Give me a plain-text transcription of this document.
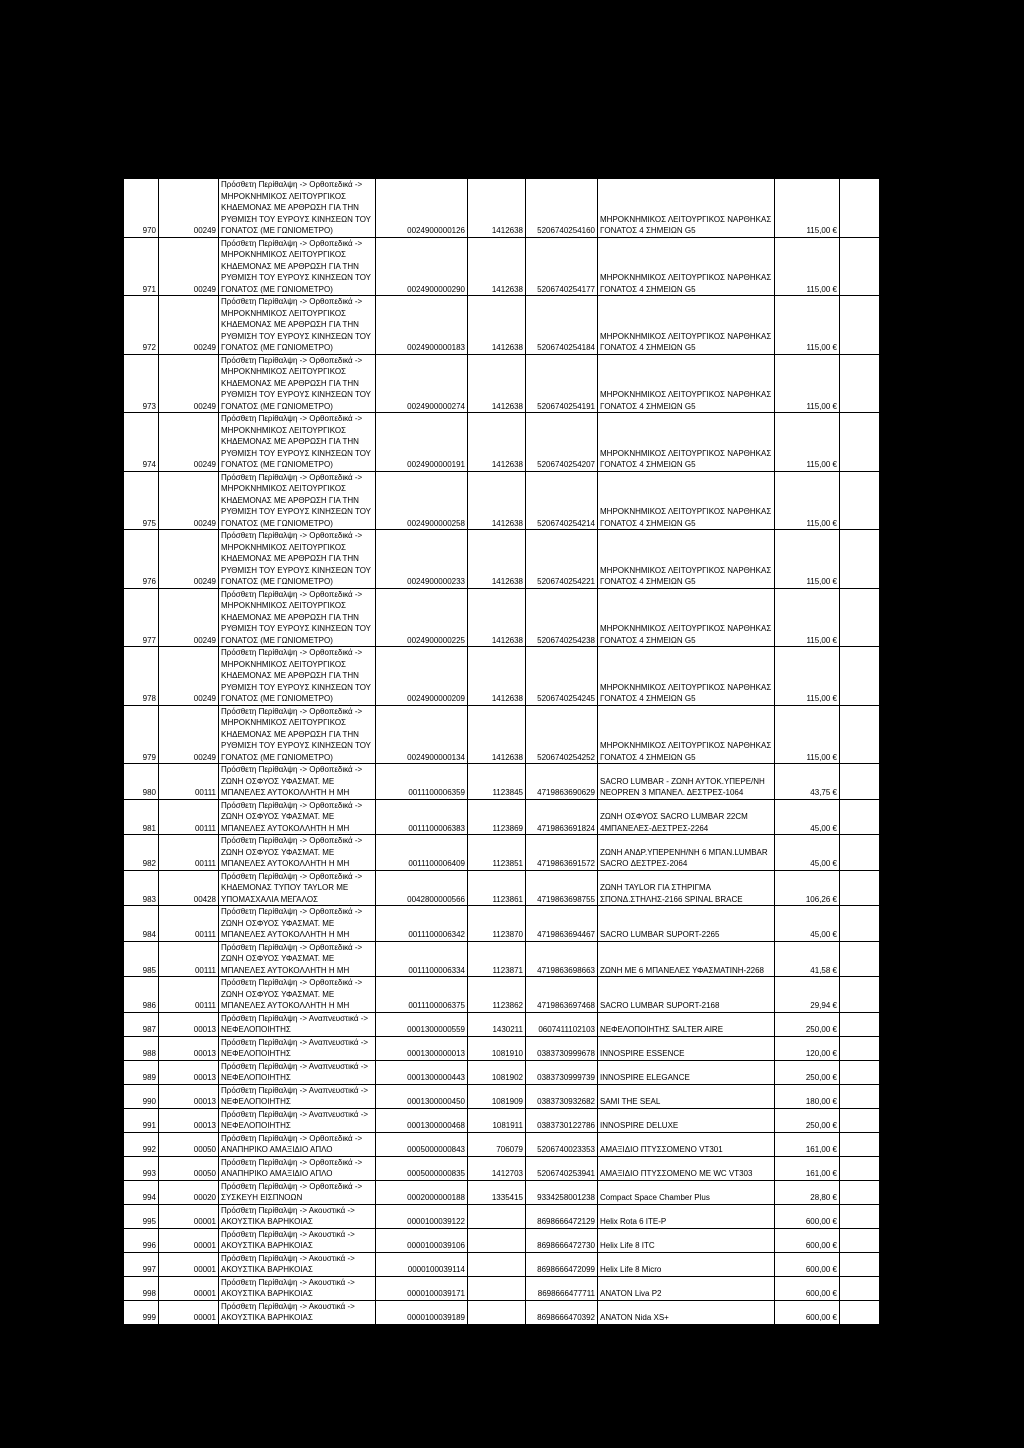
970	00249	Πρόσθετη Περίθαλψη -> Ορθοπεδικά -> ΜΗΡΟΚΝΗΜΙΚΟΣ ΛΕΙΤΟΥΡΓΙΚΟΣ ΚΗΔΕΜΟΝΑΣ ΜΕ ΑΡΘΡΩΣΗ ΓΙΑ ΤΗΝ ΡΥΘΜΙΣΗ ΤΟΥ ΕΥΡΟΥΣ ΚΙΝΗΣΕΩΝ ΤΟΥ ΓΟΝΑΤΟΣ (ΜΕ ΓΩΝΙΟΜΕΤΡΟ)	0024900000126	1412638	5206740254160	ΜΗΡΟΚΝΗΜΙΚΟΣ ΛΕΙΤΟΥΡΓΙΚΟΣ ΝΑΡΘΗΚΑΣ ΓΟΝΑΤΟΣ 4 ΣΗΜΕΙΩΝ G5	115,00 €	
971	00249	Πρόσθετη Περίθαλψη -> Ορθοπεδικά -> ΜΗΡΟΚΝΗΜΙΚΟΣ ΛΕΙΤΟΥΡΓΙΚΟΣ ΚΗΔΕΜΟΝΑΣ ΜΕ ΑΡΘΡΩΣΗ ΓΙΑ ΤΗΝ ΡΥΘΜΙΣΗ ΤΟΥ ΕΥΡΟΥΣ ΚΙΝΗΣΕΩΝ ΤΟΥ ΓΟΝΑΤΟΣ (ΜΕ ΓΩΝΙΟΜΕΤΡΟ)	0024900000290	1412638	5206740254177	ΜΗΡΟΚΝΗΜΙΚΟΣ ΛΕΙΤΟΥΡΓΙΚΟΣ ΝΑΡΘΗΚΑΣ ΓΟΝΑΤΟΣ 4 ΣΗΜΕΙΩΝ G5	115,00 €	
972	00249	Πρόσθετη Περίθαλψη -> Ορθοπεδικά -> ΜΗΡΟΚΝΗΜΙΚΟΣ ΛΕΙΤΟΥΡΓΙΚΟΣ ΚΗΔΕΜΟΝΑΣ ΜΕ ΑΡΘΡΩΣΗ ΓΙΑ ΤΗΝ ΡΥΘΜΙΣΗ ΤΟΥ ΕΥΡΟΥΣ ΚΙΝΗΣΕΩΝ ΤΟΥ ΓΟΝΑΤΟΣ (ΜΕ ΓΩΝΙΟΜΕΤΡΟ)	0024900000183	1412638	5206740254184	ΜΗΡΟΚΝΗΜΙΚΟΣ ΛΕΙΤΟΥΡΓΙΚΟΣ ΝΑΡΘΗΚΑΣ ΓΟΝΑΤΟΣ 4 ΣΗΜΕΙΩΝ G5	115,00 €	
973	00249	Πρόσθετη Περίθαλψη -> Ορθοπεδικά -> ΜΗΡΟΚΝΗΜΙΚΟΣ ΛΕΙΤΟΥΡΓΙΚΟΣ ΚΗΔΕΜΟΝΑΣ ΜΕ ΑΡΘΡΩΣΗ ΓΙΑ ΤΗΝ ΡΥΘΜΙΣΗ ΤΟΥ ΕΥΡΟΥΣ ΚΙΝΗΣΕΩΝ ΤΟΥ ΓΟΝΑΤΟΣ (ΜΕ ΓΩΝΙΟΜΕΤΡΟ)	0024900000274	1412638	5206740254191	ΜΗΡΟΚΝΗΜΙΚΟΣ ΛΕΙΤΟΥΡΓΙΚΟΣ ΝΑΡΘΗΚΑΣ ΓΟΝΑΤΟΣ 4 ΣΗΜΕΙΩΝ G5	115,00 €	
974	00249	Πρόσθετη Περίθαλψη -> Ορθοπεδικά -> ΜΗΡΟΚΝΗΜΙΚΟΣ ΛΕΙΤΟΥΡΓΙΚΟΣ ΚΗΔΕΜΟΝΑΣ ΜΕ ΑΡΘΡΩΣΗ ΓΙΑ ΤΗΝ ΡΥΘΜΙΣΗ ΤΟΥ ΕΥΡΟΥΣ ΚΙΝΗΣΕΩΝ ΤΟΥ ΓΟΝΑΤΟΣ (ΜΕ ΓΩΝΙΟΜΕΤΡΟ)	0024900000191	1412638	5206740254207	ΜΗΡΟΚΝΗΜΙΚΟΣ ΛΕΙΤΟΥΡΓΙΚΟΣ ΝΑΡΘΗΚΑΣ ΓΟΝΑΤΟΣ 4 ΣΗΜΕΙΩΝ G5	115,00 €	
975	00249	Πρόσθετη Περίθαλψη -> Ορθοπεδικά -> ΜΗΡΟΚΝΗΜΙΚΟΣ ΛΕΙΤΟΥΡΓΙΚΟΣ ΚΗΔΕΜΟΝΑΣ ΜΕ ΑΡΘΡΩΣΗ ΓΙΑ ΤΗΝ ΡΥΘΜΙΣΗ ΤΟΥ ΕΥΡΟΥΣ ΚΙΝΗΣΕΩΝ ΤΟΥ ΓΟΝΑΤΟΣ (ΜΕ ΓΩΝΙΟΜΕΤΡΟ)	0024900000258	1412638	5206740254214	ΜΗΡΟΚΝΗΜΙΚΟΣ ΛΕΙΤΟΥΡΓΙΚΟΣ ΝΑΡΘΗΚΑΣ ΓΟΝΑΤΟΣ 4 ΣΗΜΕΙΩΝ G5	115,00 €	
976	00249	Πρόσθετη Περίθαλψη -> Ορθοπεδικά -> ΜΗΡΟΚΝΗΜΙΚΟΣ ΛΕΙΤΟΥΡΓΙΚΟΣ ΚΗΔΕΜΟΝΑΣ ΜΕ ΑΡΘΡΩΣΗ ΓΙΑ ΤΗΝ ΡΥΘΜΙΣΗ ΤΟΥ ΕΥΡΟΥΣ ΚΙΝΗΣΕΩΝ ΤΟΥ ΓΟΝΑΤΟΣ (ΜΕ ΓΩΝΙΟΜΕΤΡΟ)	0024900000233	1412638	5206740254221	ΜΗΡΟΚΝΗΜΙΚΟΣ ΛΕΙΤΟΥΡΓΙΚΟΣ ΝΑΡΘΗΚΑΣ ΓΟΝΑΤΟΣ 4 ΣΗΜΕΙΩΝ G5	115,00 €	
977	00249	Πρόσθετη Περίθαλψη -> Ορθοπεδικά -> ΜΗΡΟΚΝΗΜΙΚΟΣ ΛΕΙΤΟΥΡΓΙΚΟΣ ΚΗΔΕΜΟΝΑΣ ΜΕ ΑΡΘΡΩΣΗ ΓΙΑ ΤΗΝ ΡΥΘΜΙΣΗ ΤΟΥ ΕΥΡΟΥΣ ΚΙΝΗΣΕΩΝ ΤΟΥ ΓΟΝΑΤΟΣ (ΜΕ ΓΩΝΙΟΜΕΤΡΟ)	0024900000225	1412638	5206740254238	ΜΗΡΟΚΝΗΜΙΚΟΣ ΛΕΙΤΟΥΡΓΙΚΟΣ ΝΑΡΘΗΚΑΣ ΓΟΝΑΤΟΣ 4 ΣΗΜΕΙΩΝ G5	115,00 €	
978	00249	Πρόσθετη Περίθαλψη -> Ορθοπεδικά -> ΜΗΡΟΚΝΗΜΙΚΟΣ ΛΕΙΤΟΥΡΓΙΚΟΣ ΚΗΔΕΜΟΝΑΣ ΜΕ ΑΡΘΡΩΣΗ ΓΙΑ ΤΗΝ ΡΥΘΜΙΣΗ ΤΟΥ ΕΥΡΟΥΣ ΚΙΝΗΣΕΩΝ ΤΟΥ ΓΟΝΑΤΟΣ (ΜΕ ΓΩΝΙΟΜΕΤΡΟ)	0024900000209	1412638	5206740254245	ΜΗΡΟΚΝΗΜΙΚΟΣ ΛΕΙΤΟΥΡΓΙΚΟΣ ΝΑΡΘΗΚΑΣ ΓΟΝΑΤΟΣ 4 ΣΗΜΕΙΩΝ G5	115,00 €	
979	00249	Πρόσθετη Περίθαλψη -> Ορθοπεδικά -> ΜΗΡΟΚΝΗΜΙΚΟΣ ΛΕΙΤΟΥΡΓΙΚΟΣ ΚΗΔΕΜΟΝΑΣ ΜΕ ΑΡΘΡΩΣΗ ΓΙΑ ΤΗΝ ΡΥΘΜΙΣΗ ΤΟΥ ΕΥΡΟΥΣ ΚΙΝΗΣΕΩΝ ΤΟΥ ΓΟΝΑΤΟΣ (ΜΕ ΓΩΝΙΟΜΕΤΡΟ)	0024900000134	1412638	5206740254252	ΜΗΡΟΚΝΗΜΙΚΟΣ ΛΕΙΤΟΥΡΓΙΚΟΣ ΝΑΡΘΗΚΑΣ ΓΟΝΑΤΟΣ 4 ΣΗΜΕΙΩΝ G5	115,00 €	
980	00111	Πρόσθετη Περίθαλψη -> Ορθοπεδικά -> ΖΩΝΗ ΟΣΦΥΟΣ ΥΦΑΣΜΑΤ. ΜΕ ΜΠΑΝΕΛΕΣ ΑΥΤΟΚΟΛΛΗΤΗ Η ΜΗ	0011100006359	1123845	4719863690629	SACRO LUMBAR - ΖΩΝΗ ΑΥΤΟΚ.ΥΠΕΡΕ/ΝΗ NEOPREN 3 ΜΠΑΝΕΛ. ΔΕΣΤΡΕΣ-1064	43,75 €	
981	00111	Πρόσθετη Περίθαλψη -> Ορθοπεδικά -> ΖΩΝΗ ΟΣΦΥΟΣ ΥΦΑΣΜΑΤ. ΜΕ ΜΠΑΝΕΛΕΣ ΑΥΤΟΚΟΛΛΗΤΗ Η ΜΗ	0011100006383	1123869	4719863691824	ΖΩΝΗ ΟΣΦΥΟΣ SACRO LUMBAR 22CM 4ΜΠΑΝΕΛΕΣ-ΔΕΣΤΡΕΣ-2264	45,00 €	
982	00111	Πρόσθετη Περίθαλψη -> Ορθοπεδικά -> ΖΩΝΗ ΟΣΦΥΟΣ ΥΦΑΣΜΑΤ. ΜΕ ΜΠΑΝΕΛΕΣ ΑΥΤΟΚΟΛΛΗΤΗ Η ΜΗ	0011100006409	1123851	4719863691572	ΖΩΝΗ ΑΝΔΡ.ΥΠΕΡΕΝΗ/ΝΗ 6 ΜΠΑΝ.LUMBAR SACRO ΔΕΣΤΡΕΣ-2064	45,00 €	
983	00428	Πρόσθετη Περίθαλψη -> Ορθοπεδικά -> ΚΗΔΕΜΟΝΑΣ ΤΥΠΟΥ TAYLOR ΜΕ ΥΠΟΜΑΣΧΑΛΙΑ ΜΕΓΑΛΟΣ	0042800000566	1123861	4719863698755	ΖΩΝΗ TAYLOR ΓΙΑ ΣΤΗΡΙΓΜΑ ΣΠΟΝΔ.ΣΤΗΛΗΣ-2166 SPINAL BRACE	106,26 €	
984	00111	Πρόσθετη Περίθαλψη -> Ορθοπεδικά -> ΖΩΝΗ ΟΣΦΥΟΣ ΥΦΑΣΜΑΤ. ΜΕ ΜΠΑΝΕΛΕΣ ΑΥΤΟΚΟΛΛΗΤΗ Η ΜΗ	0011100006342	1123870	4719863694467	SACRO LUMBAR SUPORT-2265	45,00 €	
985	00111	Πρόσθετη Περίθαλψη -> Ορθοπεδικά -> ΖΩΝΗ ΟΣΦΥΟΣ ΥΦΑΣΜΑΤ. ΜΕ ΜΠΑΝΕΛΕΣ ΑΥΤΟΚΟΛΛΗΤΗ Η ΜΗ	0011100006334	1123871	4719863698663	ΖΩΝΗ ΜΕ 6 ΜΠΑΝΕΛΕΣ ΥΦΑΣΜΑΤΙΝΗ-2268	41,58 €	
986	00111	Πρόσθετη Περίθαλψη -> Ορθοπεδικά -> ΖΩΝΗ ΟΣΦΥΟΣ ΥΦΑΣΜΑΤ. ΜΕ ΜΠΑΝΕΛΕΣ ΑΥΤΟΚΟΛΛΗΤΗ Η ΜΗ	0011100006375	1123862	4719863697468	SACRO LUMBAR SUPORT-2168	29,94 €	
987	00013	Πρόσθετη Περίθαλψη -> Αναπνευστικά -> ΝΕΦΕΛΟΠΟΙΗΤΗΣ	0001300000559	1430211	0607411102103	ΝΕΦΕΛΟΠΟΙΗΤΗΣ SALTER AIRE	250,00 €	
988	00013	Πρόσθετη Περίθαλψη -> Αναπνευστικά -> ΝΕΦΕΛΟΠΟΙΗΤΗΣ	0001300000013	1081910	0383730999678	INNOSPIRE ESSENCE	120,00 €	
989	00013	Πρόσθετη Περίθαλψη -> Αναπνευστικά -> ΝΕΦΕΛΟΠΟΙΗΤΗΣ	0001300000443	1081902	0383730999739	INNOSPIRE ELEGANCE	250,00 €	
990	00013	Πρόσθετη Περίθαλψη -> Αναπνευστικά -> ΝΕΦΕΛΟΠΟΙΗΤΗΣ	0001300000450	1081909	0383730932682	SAMI THE SEAL	180,00 €	
991	00013	Πρόσθετη Περίθαλψη -> Αναπνευστικά -> ΝΕΦΕΛΟΠΟΙΗΤΗΣ	0001300000468	1081911	0383730122786	INNOSPIRE DELUXE	250,00 €	
992	00050	Πρόσθετη Περίθαλψη -> Ορθοπεδικά -> ΑΝΑΠΗΡΙΚΟ ΑΜΑΞΙΔΙΟ ΑΠΛΟ	0005000000843	706079	5206740023353	ΑΜΑΞΙΔΙΟ ΠΤΥΣΣΟΜΕΝΟ VT301	161,00 €	
993	00050	Πρόσθετη Περίθαλψη -> Ορθοπεδικά -> ΑΝΑΠΗΡΙΚΟ ΑΜΑΞΙΔΙΟ ΑΠΛΟ	0005000000835	1412703	5206740253941	ΑΜΑΞΙΔΙΟ ΠΤΥΣΣΟΜΕΝΟ ΜΕ WC VT303	161,00 €	
994	00020	Πρόσθετη Περίθαλψη -> Ορθοπεδικά -> ΣΥΣΚΕΥΗ ΕΙΣΠΝΟΩΝ	0002000000188	1335415	9334258001238	Compact Space Chamber Plus	28,80 €	
995	00001	Πρόσθετη Περίθαλψη -> Ακουστικά -> ΑΚΟΥΣΤΙΚΑ ΒΑΡΗΚΟΙΑΣ	0000100039122		8698666472129	Helix Rota 6 ITE-P	600,00 €	
996	00001	Πρόσθετη Περίθαλψη -> Ακουστικά -> ΑΚΟΥΣΤΙΚΑ ΒΑΡΗΚΟΙΑΣ	0000100039106		8698666472730	Helix Life 8 ITC	600,00 €	
997	00001	Πρόσθετη Περίθαλψη -> Ακουστικά -> ΑΚΟΥΣΤΙΚΑ ΒΑΡΗΚΟΙΑΣ	0000100039114		8698666472099	Helix Life 8 Micro	600,00 €	
998	00001	Πρόσθετη Περίθαλψη -> Ακουστικά -> ΑΚΟΥΣΤΙΚΑ ΒΑΡΗΚΟΙΑΣ	0000100039171		8698666477711	ANATON Liva P2	600,00 €	
999	00001	Πρόσθετη Περίθαλψη -> Ακουστικά -> ΑΚΟΥΣΤΙΚΑ ΒΑΡΗΚΟΙΑΣ	0000100039189		8698666470392	ANATON Nida XS+	600,00 €	
